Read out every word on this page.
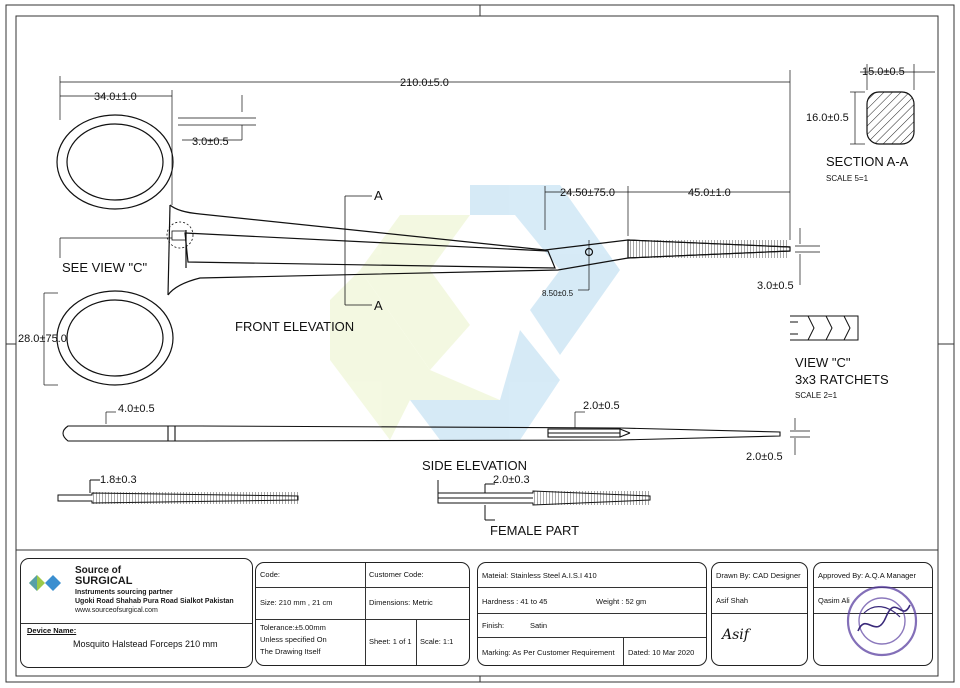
A
A
210.0±5.0
34.0±1.0
3.0±0.5
28.0±75.0
24.50±75.0	45.0±1.0
8.50±0.5
3.0±0.5
15.0±0.5
16.0±0.5
4.0±0.5	2.0±0.5
2.0±0.5
1.8±0.3	2.0±0.3
FRONT ELEVATION
SIDE ELEVATION
FEMALE PART
SEE VIEW "C"
SECTION A-A
SCALE 5=1
VIEW "C"
3x3 RATCHETS
SCALE 2=1
Source of
SURGICAL
Instruments sourcing partner
Ugoki Road Shahab Pura Road Sialkot Pakistan
www.sourceofsurgical.com
Device Name:
Mosquito Halstead Forceps 210 mm
Code:	Customer Code:
Size: 210 mm , 21 cm	Dimensions: Metric
Tolerance:±5.00mm
Unless specified On
The Drawing Itself
Sheet: 1 of 1 Scale: 1:1
Mateial: Stainless Steel A.I.S.I 410
Hardness : 41 to 45	Weight : 52 gm
Finish:	Satin
Marking: As Per Customer Requirement Dated: 10 Mar 2020
Drawn By: CAD Designer
Asif Shah
Asif
Approved By: A.Q.A Manager
Qasim Ali
